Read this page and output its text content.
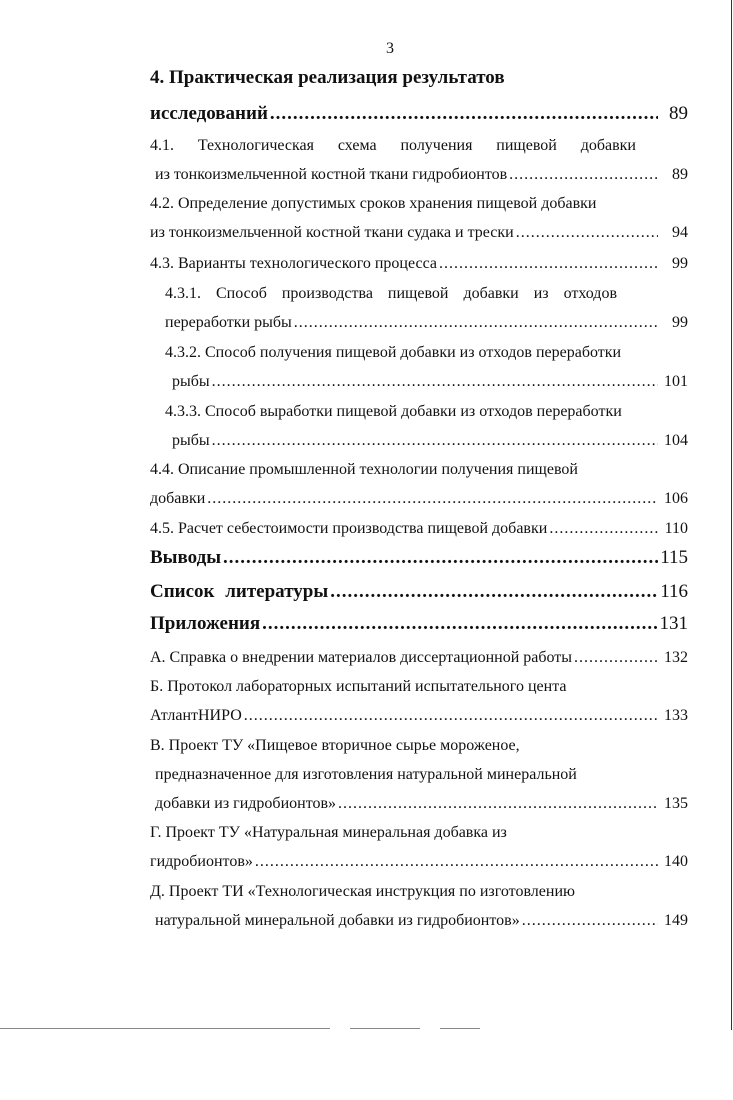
3
4. Практическая реализация результатов
исследований .....	89
4.1. Технологическая схема получения пищевой добавки
из тонкоизмельченной костной ткани гидробионтов .....	89
4.2. Определение допустимых сроков хранения пищевой добавки
из тонкоизмельченной костной ткани судака и трески .....	94
4.3. Варианты технологического процесса .....	99
4.3.1. Способ производства пищевой добавки из отходов
переработки рыбы .....	99
4.3.2. Способ получения пищевой добавки из отходов переработки
рыбы .....	101
4.3.3. Способ выработки пищевой добавки из отходов переработки
рыбы .....	104
4.4. Описание промышленной технологии получения пищевой
добавки .....	106
4.5. Расчет себестоимости производства пищевой добавки .....	110
Выводы .....	115
Список литературы .....	116
Приложения .....	131
А. Справка о внедрении материалов диссертационной работы .....	132
Б. Протокол лабораторных испытаний испытательного цента
АтлантНИРО .....	133
В. Проект ТУ «Пищевое вторичное сырье мороженое,
предназначенное для изготовления натуральной минеральной
добавки из гидробионтов» .....	135
Г. Проект ТУ «Натуральная минеральная добавка из
гидробионтов» .....	140
Д. Проект ТИ «Технологическая инструкция по изготовлению
натуральной минеральной добавки из гидробионтов» .....	149
